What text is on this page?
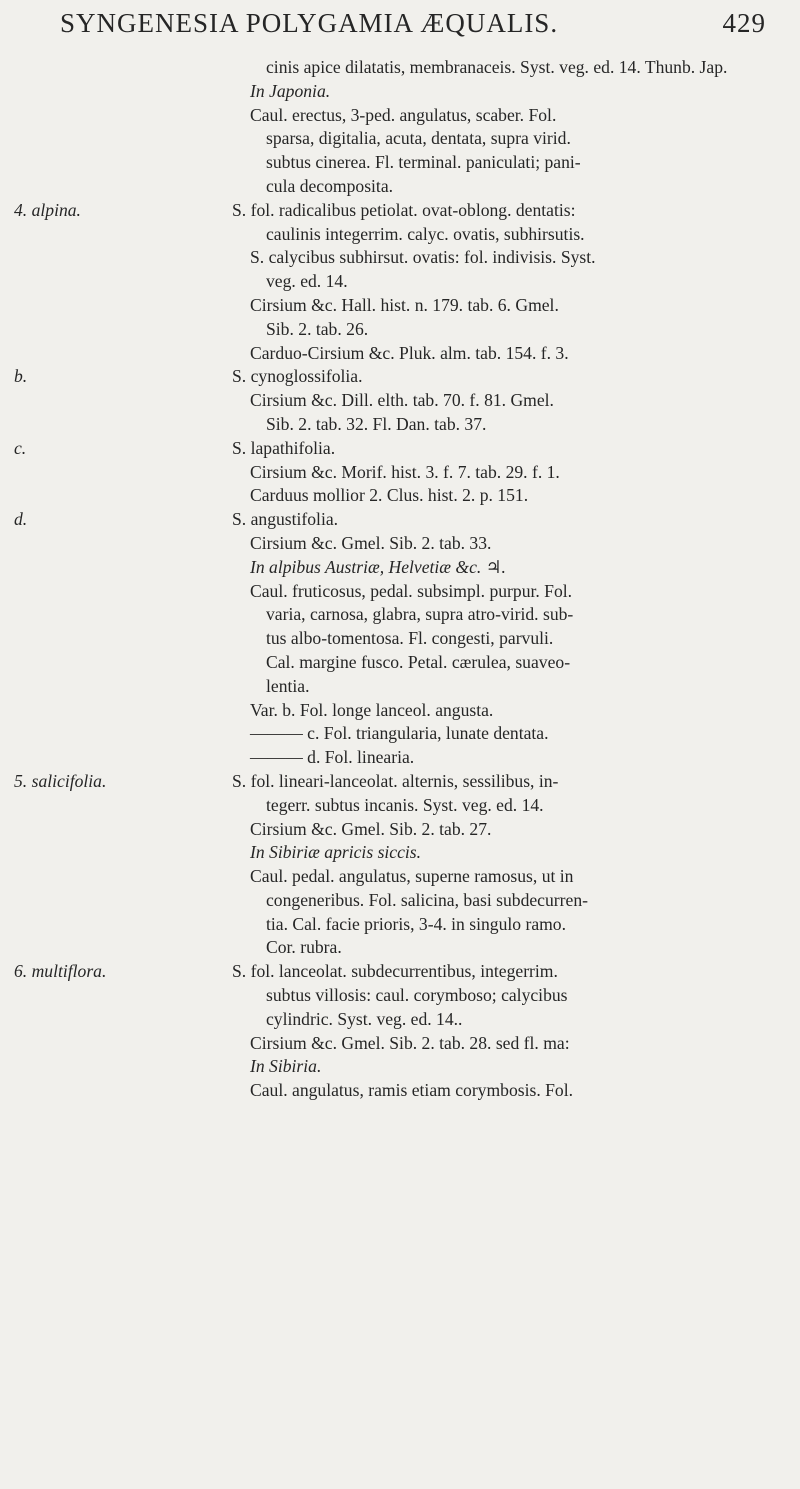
SYNGENESIA POLYGAMIA ÆQUALIS.	429
cinis apice dilatatis, membranaceis. Syst. veg. ed. 14. Thunb. Jap.
In Japonia.
Caul. erectus, 3-ped. angulatus, scaber. Fol.
sparsa, digitalia, acuta, dentata, supra virid.
subtus cinerea. Fl. terminal. paniculati; pani-
cula decomposita.
4. alpina.	S. fol. radicalibus petiolat. ovat-oblong. dentatis:
caulinis integerrim. calyc. ovatis, subhirsutis.
S. calycibus subhirsut. ovatis: fol. indivisis. Syst.
veg. ed. 14.
Cirsium &c. Hall. hist. n. 179. tab. 6. Gmel.
Sib. 2. tab. 26.
Carduo-Cirsium &c. Pluk. alm. tab. 154. f. 3.
b.	S. cynoglossifolia.
Cirsium &c. Dill. elth. tab. 70. f. 81. Gmel.
Sib. 2. tab. 32. Fl. Dan. tab. 37.
c.	S. lapathifolia.
Cirsium &c. Morif. hist. 3. f. 7. tab. 29. f. 1.
Carduus mollior 2. Clus. hist. 2. p. 151.
d.	S. angustifolia.
Cirsium &c. Gmel. Sib. 2. tab. 33.
In alpibus Austriæ, Helvetiæ &c. ♃.
Caul. fruticosus, pedal. subsimpl. purpur. Fol.
varia, carnosa, glabra, supra atro-virid. sub-
tus albo-tomentosa. Fl. congesti, parvuli.
Cal. margine fusco. Petal. cærulea, suaveo-
lentia.
Var. b. Fol. longe lanceol. angusta.
——— c. Fol. triangularia, lunate dentata.
——— d. Fol. linearia.
5. salicifolia.	S. fol. lineari-lanceolat. alternis, sessilibus, in-
tegerr. subtus incanis. Syst. veg. ed. 14.
Cirsium &c. Gmel. Sib. 2. tab. 27.
In Sibiriæ apricis siccis.
Caul. pedal. angulatus, superne ramosus, ut in
congeneribus. Fol. salicina, basi subdecurren-
tia. Cal. facie prioris, 3-4. in singulo ramo.
Cor. rubra.
6. multiflora.	S. fol. lanceolat. subdecurrentibus, integerrim.
subtus villosis: caul. corymboso; calycibus
cylindric. Syst. veg. ed. 14..
Cirsium &c. Gmel. Sib. 2. tab. 28. sed fl. ma:
In Sibiria.
Caul. angulatus, ramis etiam corymbosis. Fol.
